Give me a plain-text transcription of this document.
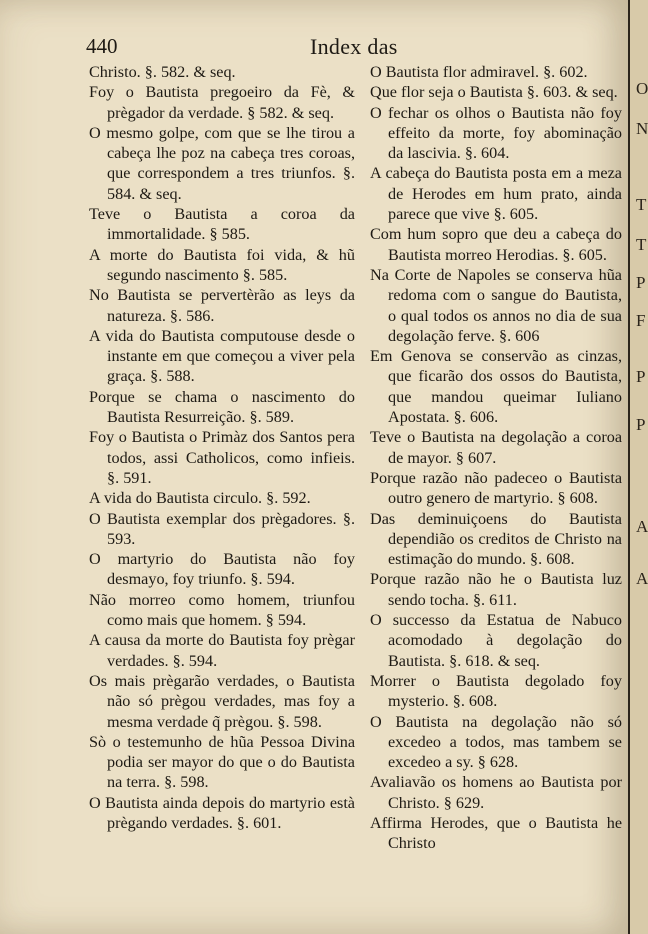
440	Index das

Christo. §. 582. & seq.

Foy o Bautista pregoeiro da Fè, & prègador da verdade. § 582. & seq.

O mesmo golpe, com que se lhe tirou a cabeça lhe poz na cabeça tres coroas, que correspondem a tres triunfos. §. 584. & seq.

Teve o Bautista a coroa da immortalidade. § 585.

A morte do Bautista foi vida, & hũ segundo nascimento §. 585.

No Bautista se pervertèrão as leys da natureza. §. 586.

A vida do Bautista computouse desde o instante em que começou a viver pela graça. §. 588.

Porque se chama o nascimento do Bautista Resurreição. §. 589.

Foy o Bautista o Primàz dos Santos pera todos, assi Catholicos, como infieis. §. 591.

A vida do Bautista circulo. §. 592.

O Bautista exemplar dos prègadores. §. 593.

O martyrio do Bautista não foy desmayo, foy triunfo. §. 594.

Não morreo como homem, triunfou como mais que homem. § 594.

A causa da morte do Bautista foy prègar verdades. §. 594.

Os mais prègarão verdades, o Bautista não só prègou verdades, mas foy a mesma verdade q̃ prègou. §. 598.

Sò o testemunho de hũa Pessoa Divina podia ser mayor do que o do Bautista na terra. §. 598.

O Bautista ainda depois do martyrio està prègando verdades. §. 601.

O Bautista flor admiravel. §. 602.

Que flor seja o Bautista §. 603. & seq.

O fechar os olhos o Bautista não foy effeito da morte, foy abominação da lascivia. §. 604.

A cabeça do Bautista posta em a meza de Herodes em hum prato, ainda parece que vive §. 605.

Com hum sopro que deu a cabeça do Bautista morreo Herodias. §. 605.

Na Corte de Napoles se conserva hũa redoma com o sangue do Bautista, o qual todos os annos no dia de sua degolação ferve. §. 606

Em Genova se conservão as cinzas, que ficarão dos ossos do Bautista, que mandou queimar Iuliano Apostata. §. 606.

Teve o Bautista na degolação a coroa de mayor. § 607.

Porque razão não padeceo o Bautista outro genero de martyrio. § 608.

Das deminuiçoens do Bautista dependião os creditos de Christo na estimação do mundo. §. 608.

Porque razão não he o Bautista luz sendo tocha. §. 611.

O successo da Estatua de Nabuco acomodado à degolação do Bautista. §. 618. & seq.

Morrer o Bautista degolado foy mysterio. §. 608.

O Bautista na degolação não só excedeo a todos, mas tambem se excedeo a sy. § 628.

Avaliavão os homens ao Bautista por Christo. § 629.

Affirma Herodes, que o Bautista he Christo

O
N
T
T
P
F
P
P
A
A
